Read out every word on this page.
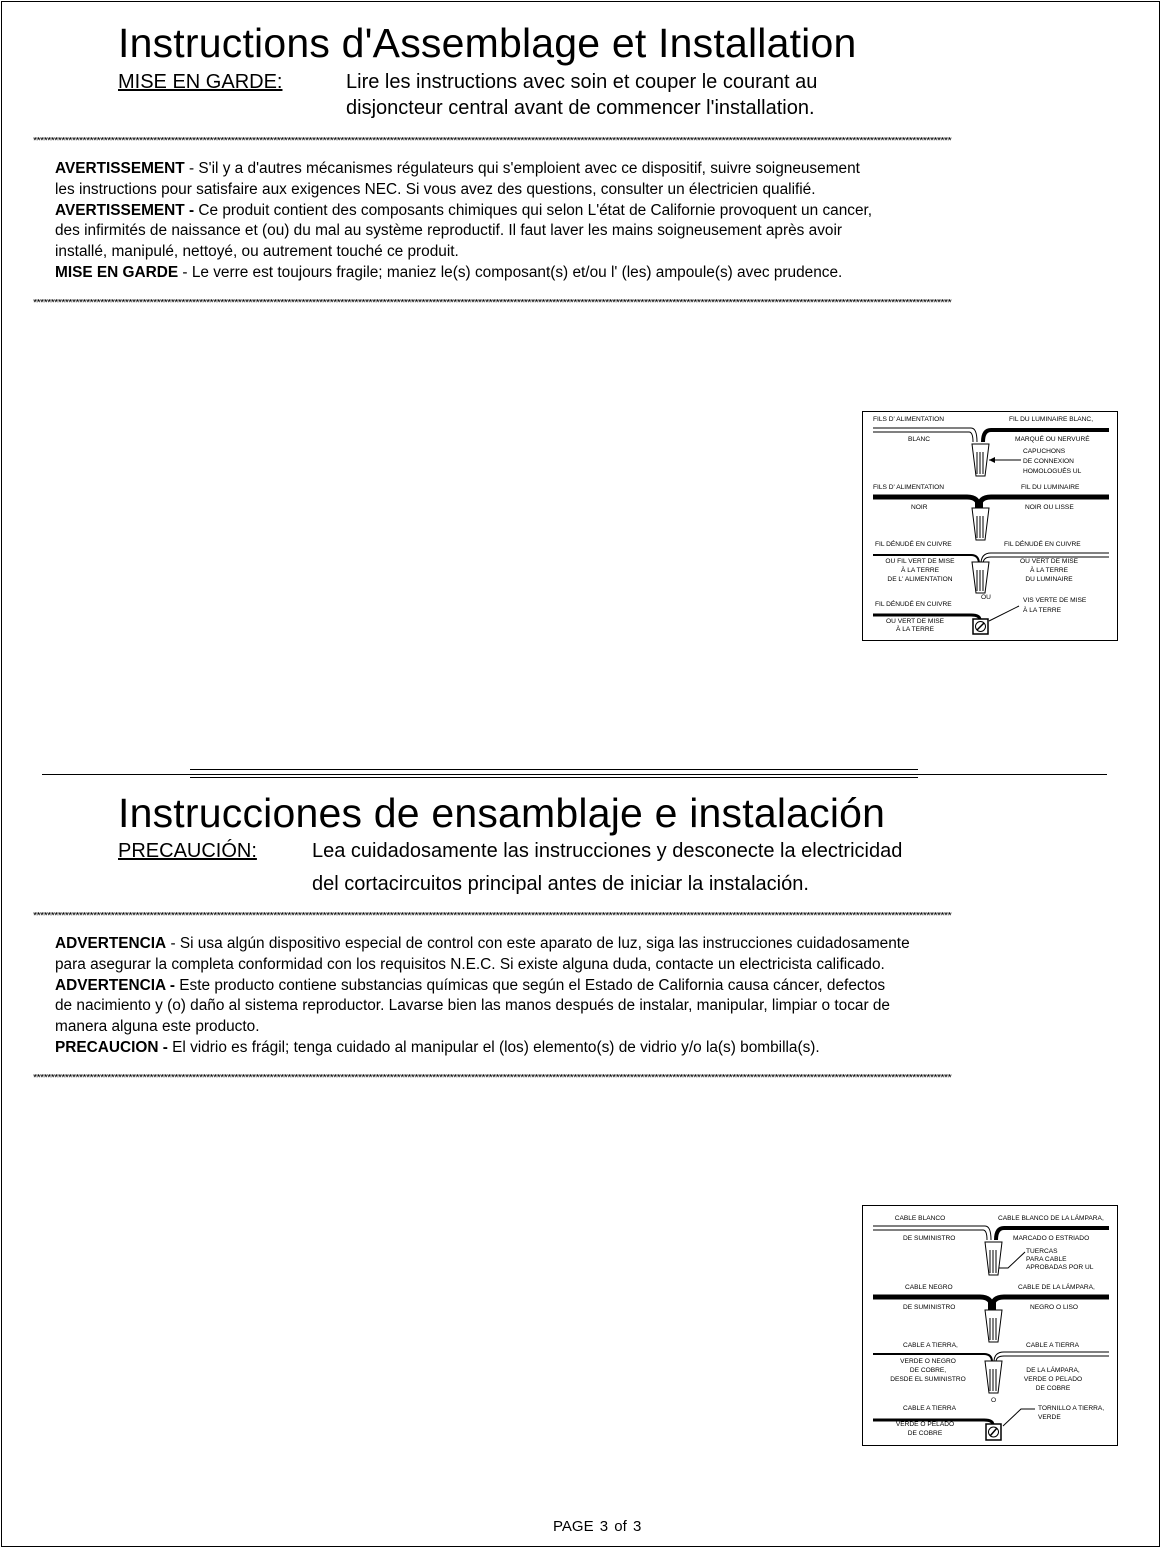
Instructions d'Assemblage et Installation
MISE EN GARDE:	Lire les instructions avec soin et couper le courant au
disjoncteur central avant de commencer l'installation.
********************************************************************************************************************************************************************************************************************************************************************
AVERTISSEMENT - S'il y a d'autres mécanismes régulateurs qui s'emploient avec ce dispositif, suivre soigneusement
les instructions pour satisfaire aux exigences NEC. Si vous avez des questions, consulter un électricien qualifié.
AVERTISSEMENT - Ce produit contient des composants chimiques qui selon L'état de Californie provoquent un cancer,
des infirmités de naissance et (ou) du mal au système reproductif. Il faut laver les mains soigneusement après avoir
installé, manipulé, nettoyé, ou autrement touché ce produit.
MISE EN GARDE - Le verre est toujours fragile; maniez le(s) composant(s) et/ou l' (les) ampoule(s) avec prudence.
********************************************************************************************************************************************************************************************************************************************************************
FILS D' ALIMENTATION	FIL DU LUMINAIRE BLANC,
BLANC	MARQUÉ OU NERVURÉ
CAPUCHONS
DE CONNEXION
HOMOLOGUÉS UL
FILS D' ALIMENTATION	FIL DU LUMINAIRE
NOIR	NOIR OU LISSE
FIL DÉNUDÉ EN CUIVRE	FIL DÉNUDÉ EN CUIVRE
OU FIL VERT DE MISE
À LA TERRE
DE L' ALIMENTATION
OU VERT DE MISE
À LA TERRE
DU LUMINAIRE
OU
FIL DÉNUDÉ EN CUIVRE
VIS VERTE DE MISE
À LA TERRE
OU VERT DE MISE
À LA TERRE
Instrucciones de ensamblaje e instalación
PRECAUCIÓN:	Lea cuidadosamente las instrucciones y desconecte la electricidad
del cortacircuitos principal antes de iniciar la instalación.
********************************************************************************************************************************************************************************************************************************************************************
ADVERTENCIA - Si usa algún dispositivo especial de control con este aparato de luz, siga las instrucciones cuidadosamente
para asegurar la completa conformidad con los requisitos N.E.C. Si existe alguna duda, contacte un electricista calificado.
ADVERTENCIA - Este producto contiene substancias químicas que según el Estado de California causa cáncer, defectos
de nacimiento y (o) daño al sistema reproductor. Lavarse bien las manos después de instalar, manipular, limpiar o tocar de
manera alguna este producto.
PRECAUCION - El vidrio es frágil; tenga cuidado al manipular el (los) elemento(s) de vidrio y/o la(s) bombilla(s).
********************************************************************************************************************************************************************************************************************************************************************
CABLE BLANCO	CABLE BLANCO DE LA LÁMPARA,
DE SUMINISTRO	MARCADO O ESTRIADO
TUERCAS
PARA CABLE
APROBADAS POR UL
CABLE NEGRO	CABLE DE LA LÁMPARA,
DE SUMINISTRO	NEGRO O LISO
CABLE A TIERRA,	CABLE A TIERRA
VERDE O NEGRO
DE COBRE,
DESDE EL SUMINISTRO
DE LA LÁMPARA,
VERDE O PELADO
DE COBRE
O
CABLE A TIERRA	TORNILLO A TIERRA,
VERDE
VERDE O PELADO
DE COBRE
PAGE 3 of 3
